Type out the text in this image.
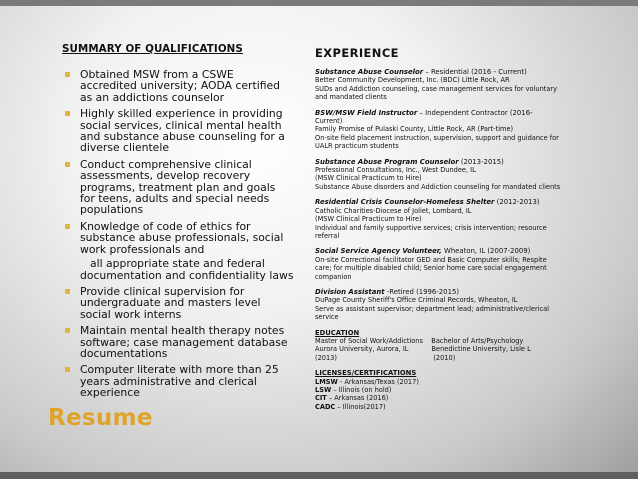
SUMMARY OF QUALIFICATIONS
Obtained MSW from a CSWE
accredited university; AODA certified
as an addictions counselor
Highly skilled experience in providing
social services, clinical mental health
and substance abuse counseling for a
diverse clientele
Conduct comprehensive clinical
assessments, develop recovery
programs, treatment plan and goals
for teens, adults and special needs
populations
Knowledge of code of ethics for
substance abuse professionals, social
work professionals and
all appropriate state and federal
documentation and confidentiality laws
Provide clinical supervision for
undergraduate and masters level
social work interns
Maintain mental health therapy notes
software; case management database
documentations
Computer literate with more than 25
years administrative and clerical
experience
Resume
EXPERIENCE
Substance Abuse Counselor – Residential (2016 - Current)
Better Community Development, Inc. (BDC) Little Rock, AR
SUDs and Addiction counseling, case management services for voluntary
and mandated clients
BSW/MSW Field Instructor – Independent Contractor (2016-
Current)
Family Promise of Pulaski County, Little Rock, AR (Part-time)
On-site field placement instruction, supervision, support and guidance for
UALR practicum students
Substance Abuse Program Counselor (2013-2015)
Professional Consultations, Inc., West Dundee, IL
(MSW Clinical Practicum to Hire)
Substance Abuse disorders and Addiction counseling for mandated clients
Residential Crisis Counselor-Homeless Shelter (2012-2013)
Catholic Charities-Diocese of Joliet, Lombard, IL
(MSW Clinical Practicum to Hire)
Individual and family supportive services; crisis intervention; resource
referral
Social Service Agency Volunteer, Wheaton, IL (2007-2009)
On-site Correctional facilitator GED and Basic Computer skills; Respite
care; for multiple disabled child; Senior home care social engagement
companion
Division Assistant -Retired (1996-2015)
DuPage County Sheriff's Office Criminal Records, Wheaton, IL
Serve as assistant supervisor; department lead; administrative/clerical
service
EDUCATION
Master of Social Work/Addictions    Bachelor of Arts/Psychology
Aurora University, Aurora, IL           Benedictine University, Lisle L
(2013)                                              (2010)
LICENSES/CERTIFICATIONS
LMSW - Arkansas/Texas (2017)
LSW – Illinois (on hold)
CIT – Arkansas (2016)
CADC – Illinois(2017)
